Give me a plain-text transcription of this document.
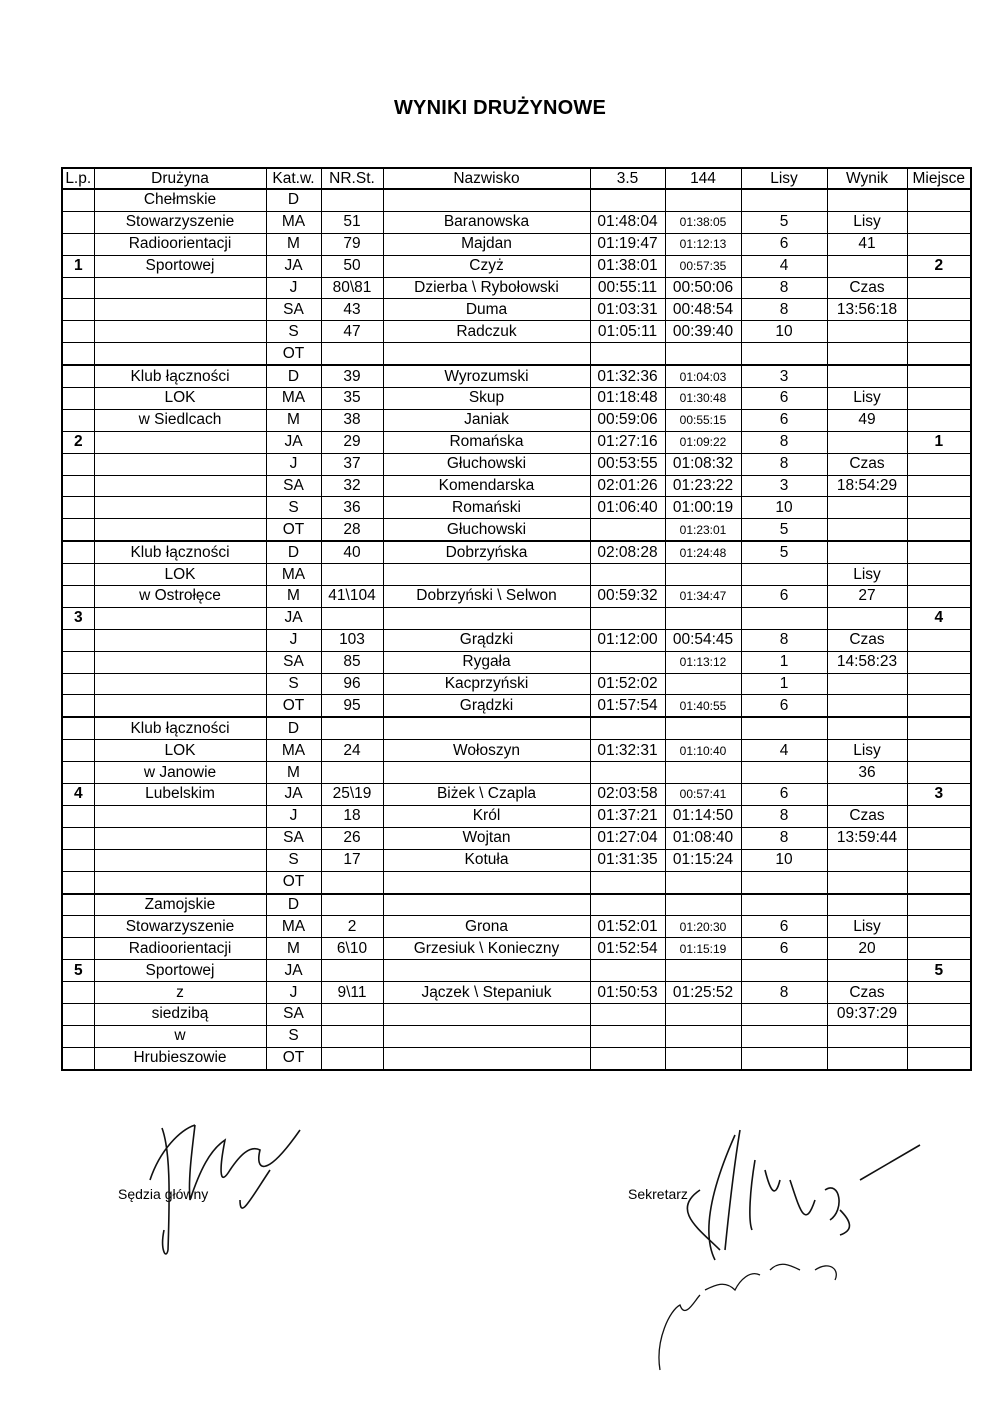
WYNIKI DRUŻYNOWE
L.p.	Drużyna	Kat.w.	NR.St.	Nazwisko	3.5	144	Lisy	Wynik	Miejsce
	Chełmskie	D							
	Stowarzyszenie	MA	51	Baranowska	01:48:04	01:38:05	5	Lisy	
	Radioorientacji	M	79	Majdan	01:19:47	01:12:13	6	41	
1	Sportowej	JA	50	Czyż	01:38:01	00:57:35	4		2
		J	80\81	Dzierba \ Rybołowski	00:55:11	00:50:06	8	Czas	
		SA	43	Duma	01:03:31	00:48:54	8	13:56:18	
		S	47	Radczuk	01:05:11	00:39:40	10		
		OT							
	Klub łączności	D	39	Wyrozumski	01:32:36	01:04:03	3		
	LOK	MA	35	Skup	01:18:48	01:30:48	6	Lisy	
	w Siedlcach	M	38	Janiak	00:59:06	00:55:15	6	49	
2		JA	29	Romańska	01:27:16	01:09:22	8		1
		J	37	Głuchowski	00:53:55	01:08:32	8	Czas	
		SA	32	Komendarska	02:01:26	01:23:22	3	18:54:29	
		S	36	Romański	01:06:40	01:00:19	10		
		OT	28	Głuchowski		01:23:01	5		
	Klub łączności	D	40	Dobrzyńska	02:08:28	01:24:48	5		
	LOK	MA						Lisy	
	w Ostrołęce	M	41\104	Dobrzyński \ Selwon	00:59:32	01:34:47	6	27	
3		JA							4
		J	103	Grądzki	01:12:00	00:54:45	8	Czas	
		SA	85	Rygała		01:13:12	1	14:58:23	
		S	96	Kacprzyński	01:52:02		1		
		OT	95	Grądzki	01:57:54	01:40:55	6		
	Klub łączności	D							
	LOK	MA	24	Wołoszyn	01:32:31	01:10:40	4	Lisy	
	w Janowie	M						36	
4	Lubelskim	JA	25\19	Biżek \ Czapla	02:03:58	00:57:41	6		3
		J	18	Król	01:37:21	01:14:50	8	Czas	
		SA	26	Wojtan	01:27:04	01:08:40	8	13:59:44	
		S	17	Kotuła	01:31:35	01:15:24	10		
		OT							
	Zamojskie	D							
	Stowarzyszenie	MA	2	Grona	01:52:01	01:20:30	6	Lisy	
	Radioorientacji	M	6\10	Grzesiuk \ Konieczny	01:52:54	01:15:19	6	20	
5	Sportowej	JA							5
	z	J	9\11	Jączek \ Stepaniuk	01:50:53	01:25:52	8	Czas	
	siedzibą	SA						09:37:29	
	w	S							
	Hrubieszowie	OT							
Sędzia główny	Sekretarz
